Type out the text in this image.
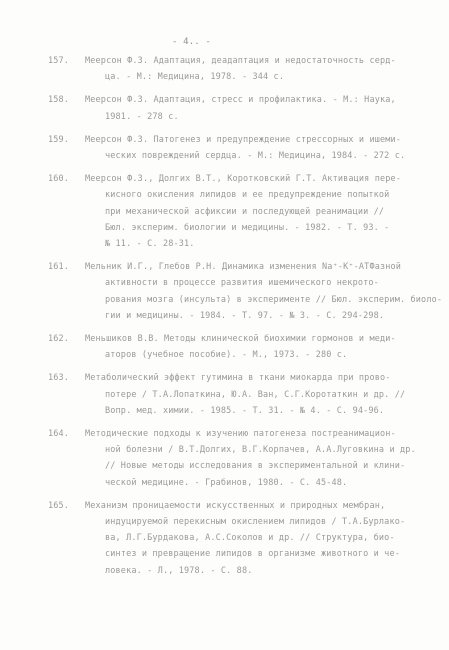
- 4.. -
157.	Меерсон Ф.З. Адаптация, деадаптация и недостаточность серд-
ца. - М.: Медицина, 1978. - 344 с.
158.	Меерсон Ф.З. Адаптация, стресс и профилактика. - М.: Наука,
1981. - 278 с.
159.	Меерсон Ф.З. Патогенез и предупреждение стрессорных и ишеми-
ческих повреждений сердца. - М.: Медицина, 1984. - 272 с.
160.	Меерсон Ф.З., Долгих В.Т., Коротковский Г.Т. Активация пере-
кисного окисления липидов и ее предупреждение попыткой
при механической асфиксии и последующей реанимации //
Бюл. эксперим. биологии и медицины. - 1982. - Т. 93. -
№ 11. - С. 28-31.
161.	Мельник И.Г., Глебов Р.Н. Динамика изменения Na⁺-K⁺-АТФазной
активности в процессе развития ишемического некрото-
рования мозга (инсульта) в эксперименте // Бюл. эксперим. биоло-
гии и медицины. - 1984. - Т. 97. - № 3. - С. 294-298.
162.	Меньшиков В.В. Методы клинической биохимии гормонов и меди-
аторов (учебное пособие). - М., 1973. - 280 с.
163.	Метаболический эффект гутимина в ткани миокарда при прово-
потере / Т.А.Лопаткина, Ю.А. Ван, С.Г.Коротаткин и др. //
Вопр. мед. химии. - 1985. - Т. 31. - № 4. - С. 94-96.
164.	Методические подходы к изучению патогенеза постреанимацион-
ной болезни / В.Т.Долгих, В.Г.Корпачев, А.А.Луговкина и др.
// Новые методы исследования в экспериментальной и клини-
ческой медицине. - Грабинов, 1980. - С. 45-48.
165.	Механизм проницаемости искусственных и природных мембран,
индуцируемой перекисным окислением липидов / Т.А.Бурлако-
ва, Л.Г.Бурдакова, А.С.Соколов и др. // Структура, био-
синтез и превращение липидов в организме животного и че-
ловека. - Л., 1978. - С. 88.
